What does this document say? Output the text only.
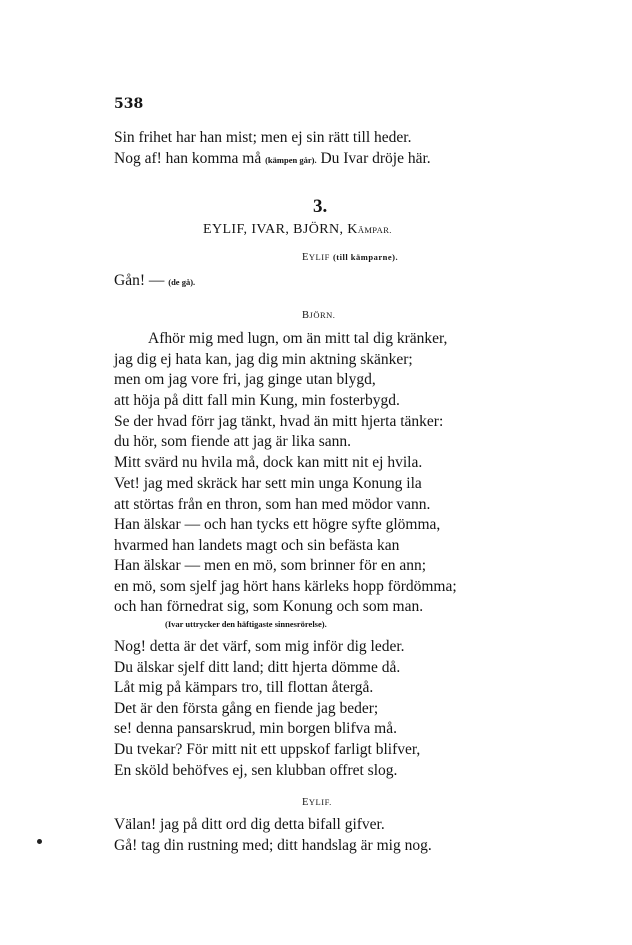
538
Sin frihet har han mist; men ej sin rätt till heder.
Nog af! han komma må (kämpen går). Du Ivar dröje här.
3.
EYLIF, IVAR, BJÖRN, KÄMPAR.
EYLIF (till kämparne).
Gån! — (de gå).
BJÖRN.
Afhör mig med lugn, om än mitt tal dig kränker,
jag dig ej hata kan, jag dig min aktning skänker;
men om jag vore fri, jag ginge utan blygd,
att höja på ditt fall min Kung, min fosterbygd.
Se der hvad förr jag tänkt, hvad än mitt hjerta tänker:
du hör, som fiende att jag är lika sann.
Mitt svärd nu hvila må, dock kan mitt nit ej hvila.
Vet! jag med skräck har sett min unga Konung ila
att störtas från en thron, som han med mödor vann.
Han älskar — och han tycks ett högre syfte glömma,
hvarmed han landets magt och sin befästa kan
Han älskar — men en mö, som brinner för en ann;
en mö, som sjelf jag hört hans kärleks hopp fördömma;
och han förnedrat sig, som Konung och som man.
(Ivar uttrycker den häftigaste sinnesrörelse).
Nog! detta är det värf, som mig inför dig leder.
Du älskar sjelf ditt land; ditt hjerta dömme då.
Låt mig på kämpars tro, till flottan återgå.
Det är den första gång en fiende jag beder;
se! denna pansarskrud, min borgen blifva må.
Du tvekar? För mitt nit ett uppskof farligt blifver,
En sköld behöfves ej, sen klubban offret slog.
EYLIF.
Välan! jag på ditt ord dig detta bifall gifver.
Gå! tag din rustning med; ditt handslag är mig nog.
